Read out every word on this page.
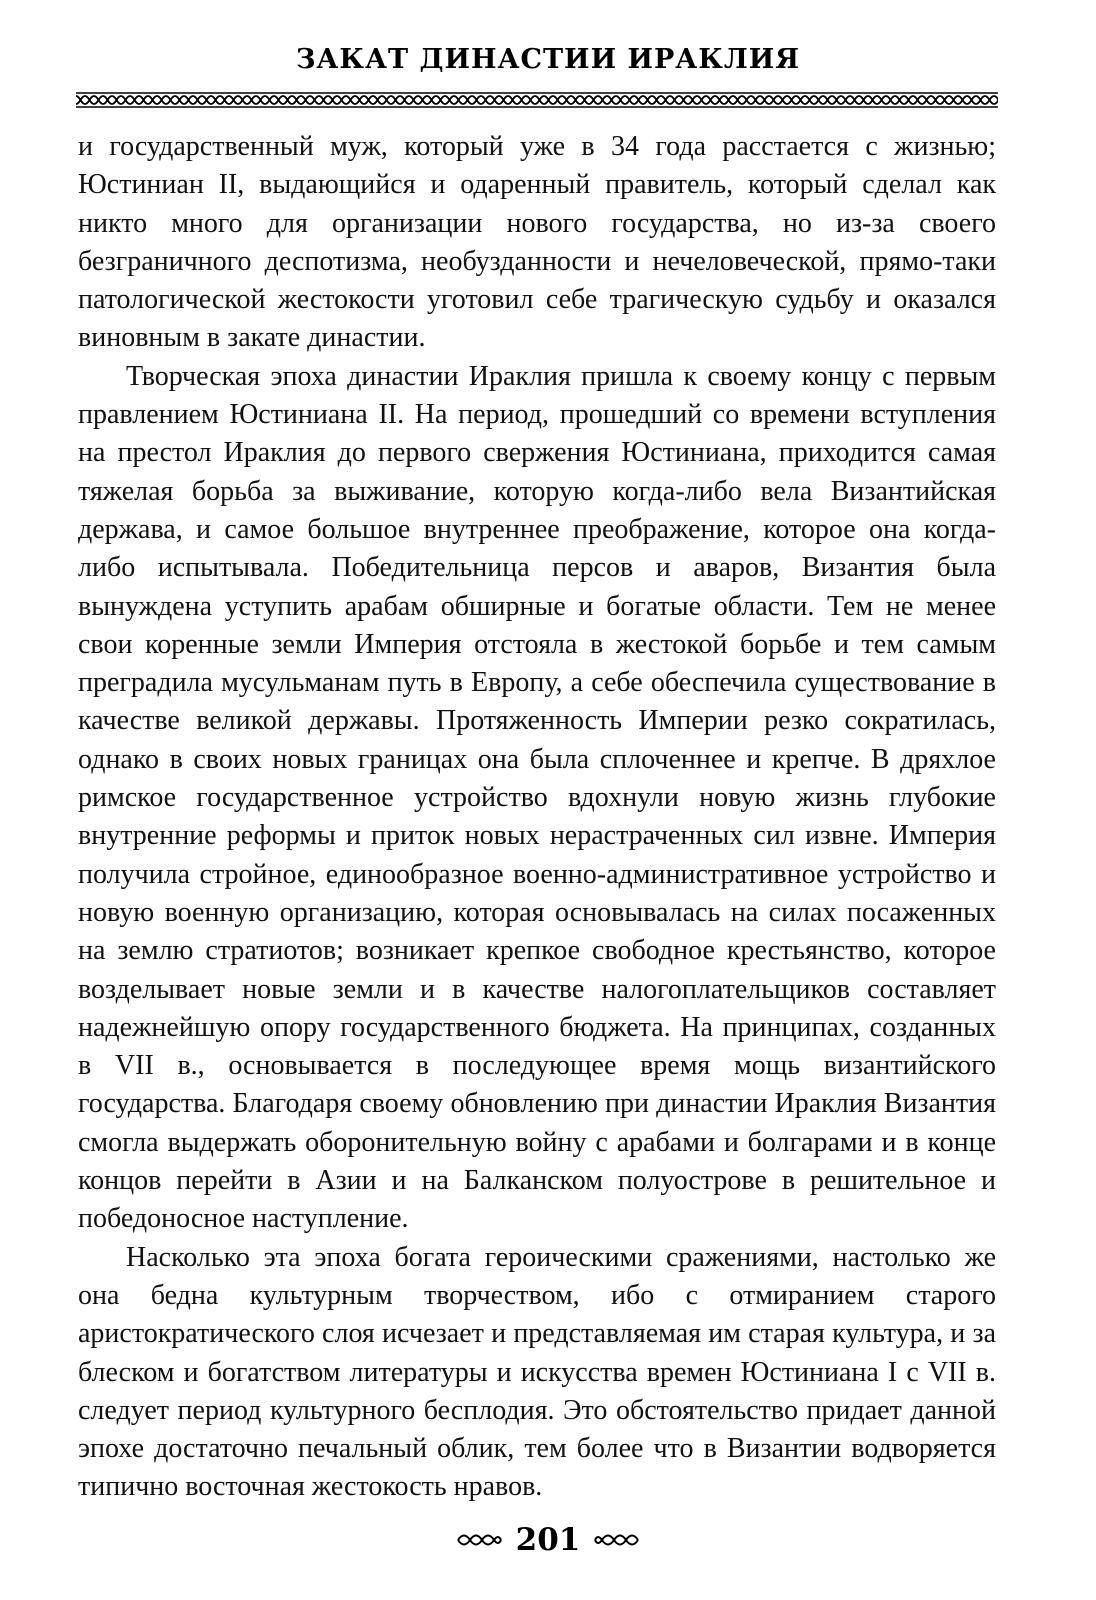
ЗАКАТ ДИНАСТИИ ИРАКЛИЯ

и государственный муж, который уже в 34 года расстается с жизнью; Юстиниан II, выдающийся и одаренный правитель, который сделал как никто много для организации нового государства, но из-за своего безграничного деспотизма, необузданности и нечеловеческой, прямо-таки патологической жестокости уготовил себе трагическую судьбу и оказался виновным в закате династии.

Творческая эпоха династии Ираклия пришла к своему концу с первым правлением Юстиниана II. На период, прошедший со времени вступления на престол Ираклия до первого свержения Юстиниана, приходится самая тяжелая борьба за выживание, которую когда-либо вела Византийская держава, и самое большое внутреннее преображение, которое она когда-либо испытывала. Победительница персов и аваров, Византия была вынуждена уступить арабам обширные и богатые области. Тем не менее свои коренные земли Империя отстояла в жестокой борьбе и тем самым преградила мусульманам путь в Европу, а себе обеспечила существование в качестве великой державы. Протяженность Империи резко сократилась, однако в своих новых границах она была сплоченнее и крепче. В дряхлое римское государственное устройство вдохнули новую жизнь глубокие внутренние реформы и приток новых нерастраченных сил извне. Империя получила стройное, единообразное военно-административное устройство и новую военную организацию, которая основывалась на силах посаженных на землю стратиотов; возникает крепкое свободное крестьянство, которое возделывает новые земли и в качестве налогоплательщиков составляет надежнейшую опору государственного бюджета. На принципах, созданных в VII в., основывается в последующее время мощь византийского государства. Благодаря своему обновлению при династии Ираклия Византия смогла выдержать оборонительную войну с арабами и болгарами и в конце концов перейти в Азии и на Балканском полуострове в решительное и победоносное наступление.

Насколько эта эпоха богата героическими сражениями, настолько же она бедна культурным творчеством, ибо с отмиранием старого аристократического слоя исчезает и представляемая им старая культура, и за блеском и богатством литературы и искусства времен Юстиниана I с VII в. следует период культурного бесплодия. Это обстоятельство придает данной эпохе достаточно печальный облик, тем более что в Византии водворяется типично восточная жестокость нравов.

201
